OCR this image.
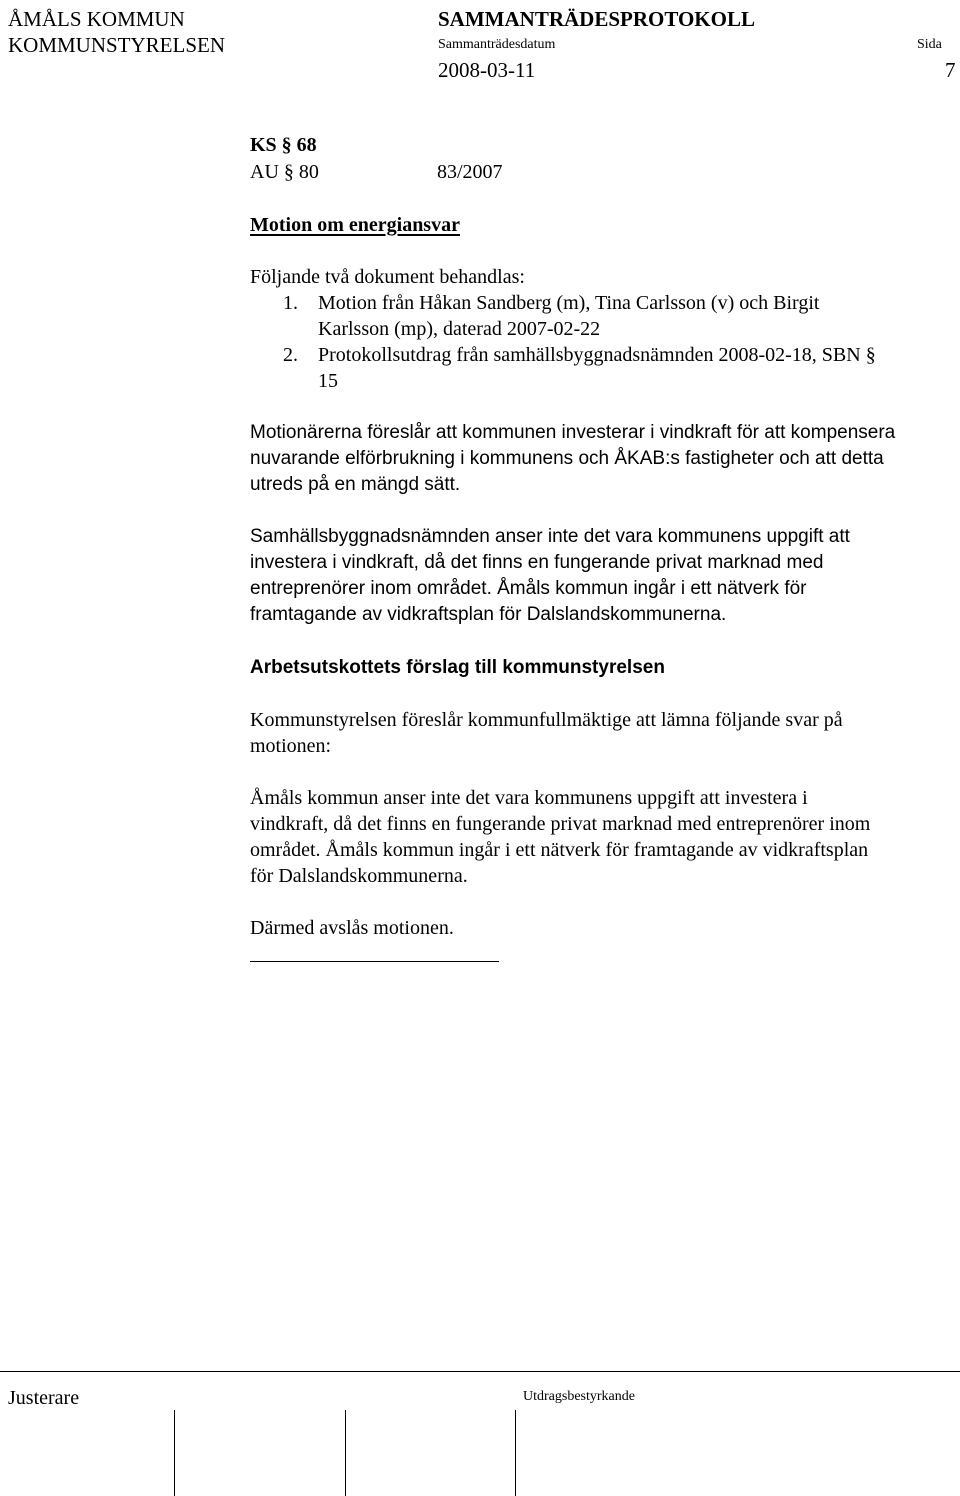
ÅMÅLS KOMMUN
KOMMUNSTYRELSEN
SAMMANTRÄDESPROTOKOLL
Sammanträdesdatum	Sida
2008-03-11	7
KS § 68
AU § 80	83/2007
Motion om energiansvar
Följande två dokument behandlas:
1. Motion från Håkan Sandberg (m), Tina Carlsson (v) och Birgit
Karlsson (mp), daterad 2007-02-22
2. Protokollsutdrag från samhällsbyggnadsnämnden 2008-02-18, SBN §
15
Motionärerna föreslår att kommunen investerar i vindkraft för att kompensera
nuvarande elförbrukning i kommunens och ÅKAB:s fastigheter och att detta
utreds på en mängd sätt.
Samhällsbyggnadsnämnden anser inte det vara kommunens uppgift att
investera i vindkraft, då det finns en fungerande privat marknad med
entreprenörer inom området. Åmåls kommun ingår i ett nätverk för
framtagande av vidkraftsplan för Dalslandskommunerna.
Arbetsutskottets förslag till kommunstyrelsen
Kommunstyrelsen föreslår kommunfullmäktige att lämna följande svar på
motionen:
Åmåls kommun anser inte det vara kommunens uppgift att investera i
vindkraft, då det finns en fungerande privat marknad med entreprenörer inom
området. Åmåls kommun ingår i ett nätverk för framtagande av vidkraftsplan
för Dalslandskommunerna.
Därmed avslås motionen.
Justerare	Utdragsbestyrkande
